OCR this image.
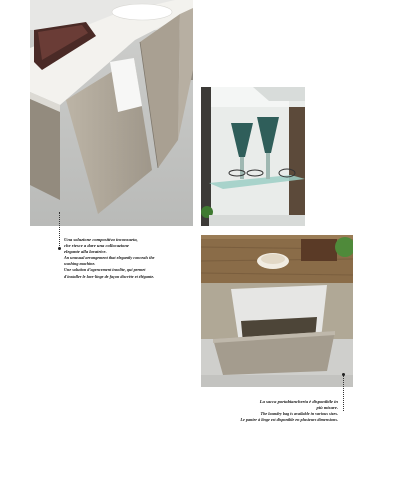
Una soluzione compositiva inconsueta,
che riesce a dare una collocazione
elegante alla lavatrice.
An unusual arrangement that elegantly conceals the
washing machine.
Une solution d'agencement insolite, qui permet
d'installer le lave-linge de façon discrète et élégante.
La sacca portabiancheria è disponibile in
più misure.
The laundry bag is available in various sizes.
Le panier à linge est disponible en plusieurs dimensions.
